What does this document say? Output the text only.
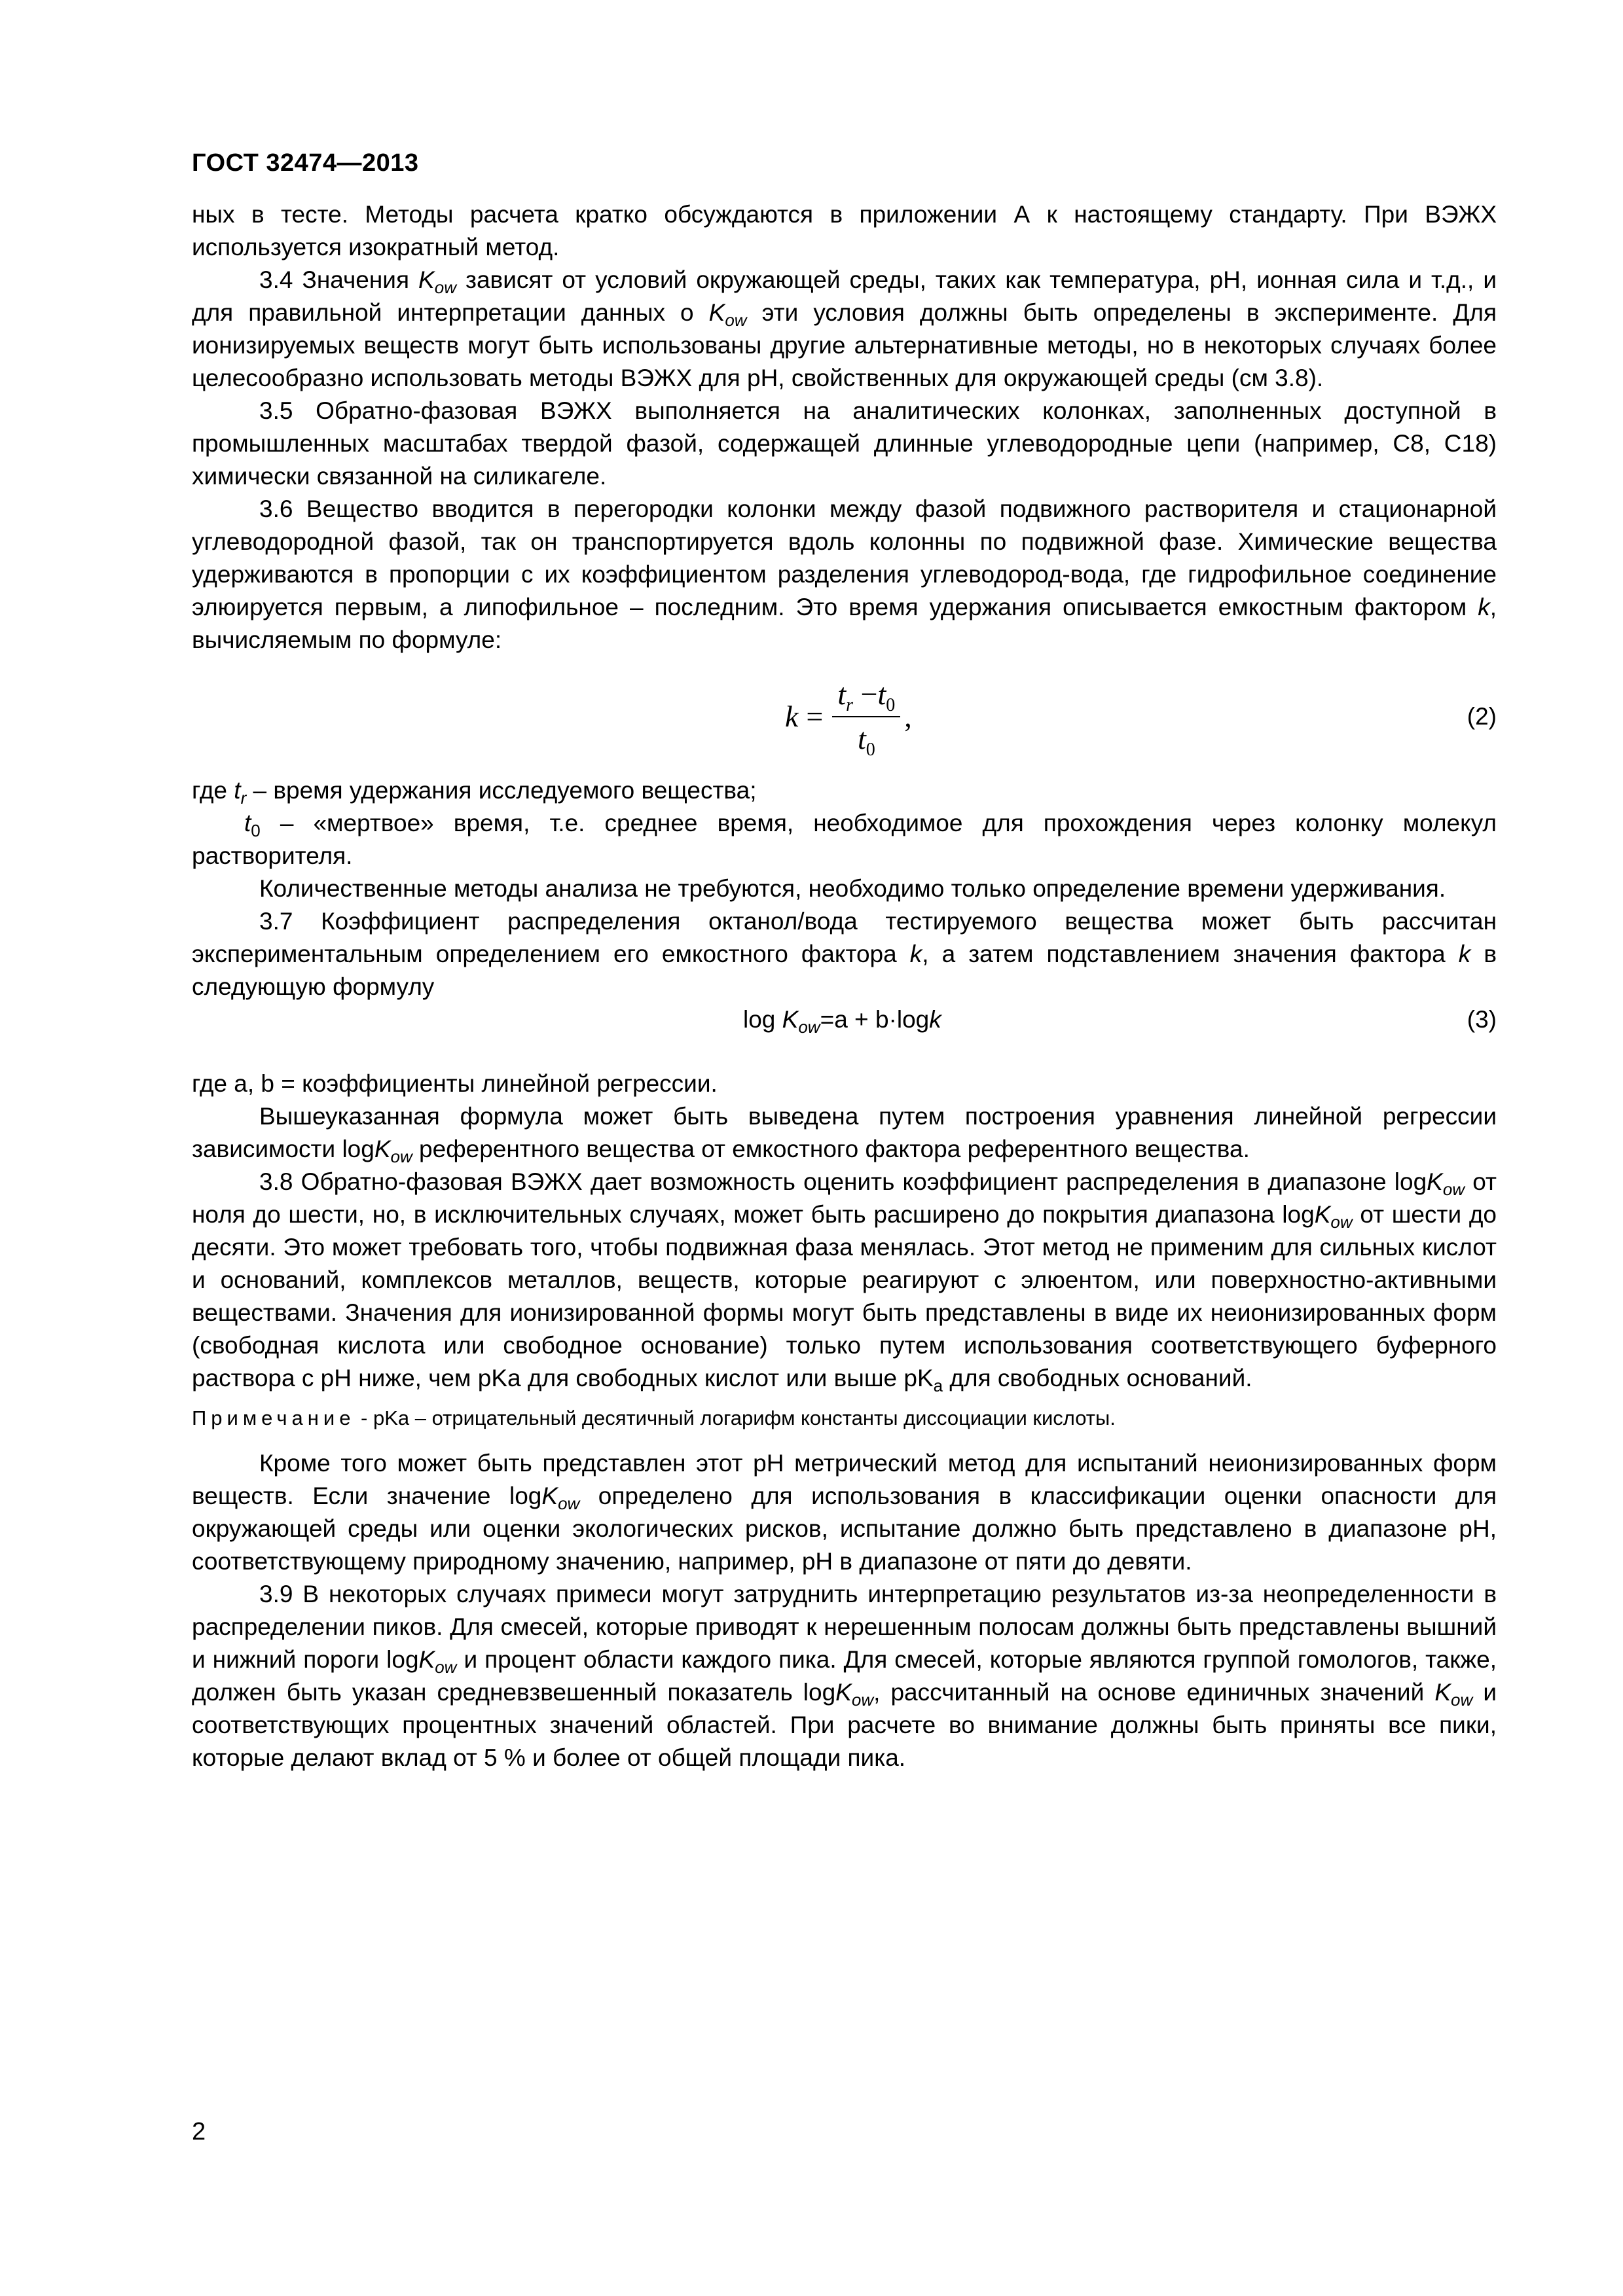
ГОСТ 32474—2013

ных в тесте. Методы расчета кратко обсуждаются в приложении А к настоящему стандарту. При ВЭЖХ используется изократный метод.

3.4 Значения $K_{ow}$ зависят от условий окружающей среды, таких как температура, pH, ионная сила и т.д., и для правильной интерпретации данных о $K_{ow}$ эти условия должны быть определены в эксперименте. Для ионизируемых веществ могут быть использованы другие альтернативные методы, но в некоторых случаях более целесообразно использовать методы ВЭЖХ для pH, свойственных для окружающей среды (см 3.8).

3.5 Обратно-фазовая ВЭЖХ выполняется на аналитических колонках, заполненных доступной в промышленных масштабах твердой фазой, содержащей длинные углеводородные цепи (например, C8, C18) химически связанной на силикагеле.

3.6 Вещество вводится в перегородки колонки между фазой подвижного растворителя и стационарной углеводородной фазой, так он транспортируется вдоль колонны по подвижной фазе. Химические вещества удерживаются в пропорции с их коэффициентом разделения углеводород-вода, где гидрофильное соединение элюируется первым, а липофильное – последним. Это время удержания описывается емкостным фактором k, вычисляемым по формуле:

$k = \frac{t_r -t_0}{t_0}$ ,	(2)

где $t_r$ – время удержания исследуемого вещества;

$t_0$ – «мертвое» время, т.е. среднее время, необходимое для прохождения через колонку молекул растворителя.

Количественные методы анализа не требуются, необходимо только определение времени удерживания.

3.7 Коэффициент распределения октанол/вода тестируемого вещества может быть рассчитан экспериментальным определением его емкостного фактора k, а затем подставлением значения фактора k в следующую формулу

$\log K_{ow}=a + b\cdot\log k$	(3)

где a, b = коэффициенты линейной регрессии.

Вышеуказанная формула может быть выведена путем построения уравнения линейной регрессии зависимости logK$_{ow}$ референтного вещества от емкостного фактора референтного вещества.

3.8 Обратно-фазовая ВЭЖХ дает возможность оценить коэффициент распределения в диапазоне logK$_{ow}$ от ноля до шести, но, в исключительных случаях, может быть расширено до покрытия диапазона logK$_{ow}$ от шести до десяти. Это может требовать того, чтобы подвижная фаза менялась. Этот метод не применим для сильных кислот и оснований, комплексов металлов, веществ, которые реагируют с элюентом, или поверхностно-активными веществами. Значения для ионизированной формы могут быть представлены в виде их неионизированных форм (свободная кислота или свободное основание) только путем использования соответствующего буферного раствора с pH ниже, чем pKa для свободных кислот или выше $pK_a$ для свободных оснований.

Примечание - pKa – отрицательный десятичный логарифм константы диссоциации кислоты.

Кроме того может быть представлен этот pH метрический метод для испытаний неионизированных форм веществ. Если значение logK$_{ow}$ определено для использования в классификации оценки опасности для окружающей среды или оценки экологических рисков, испытание должно быть представлено в диапазоне pH, соответствующему природному значению, например, pH в диапазоне от пяти до девяти.

3.9 В некоторых случаях примеси могут затруднить интерпретацию результатов из-за неопределенности в распределении пиков. Для смесей, которые приводят к нерешенным полосам должны быть представлены вышний и нижний пороги logK$_{ow}$ и процент области каждого пика. Для смесей, которые являются группой гомологов, также, должен быть указан средневзвешенный показатель logK$_{ow}$, рассчитанный на основе единичных значений $K_{ow}$ и соответствующих процентных значений областей. При расчете во внимание должны быть приняты все пики, которые делают вклад от 5 % и более от общей площади пика.

2
